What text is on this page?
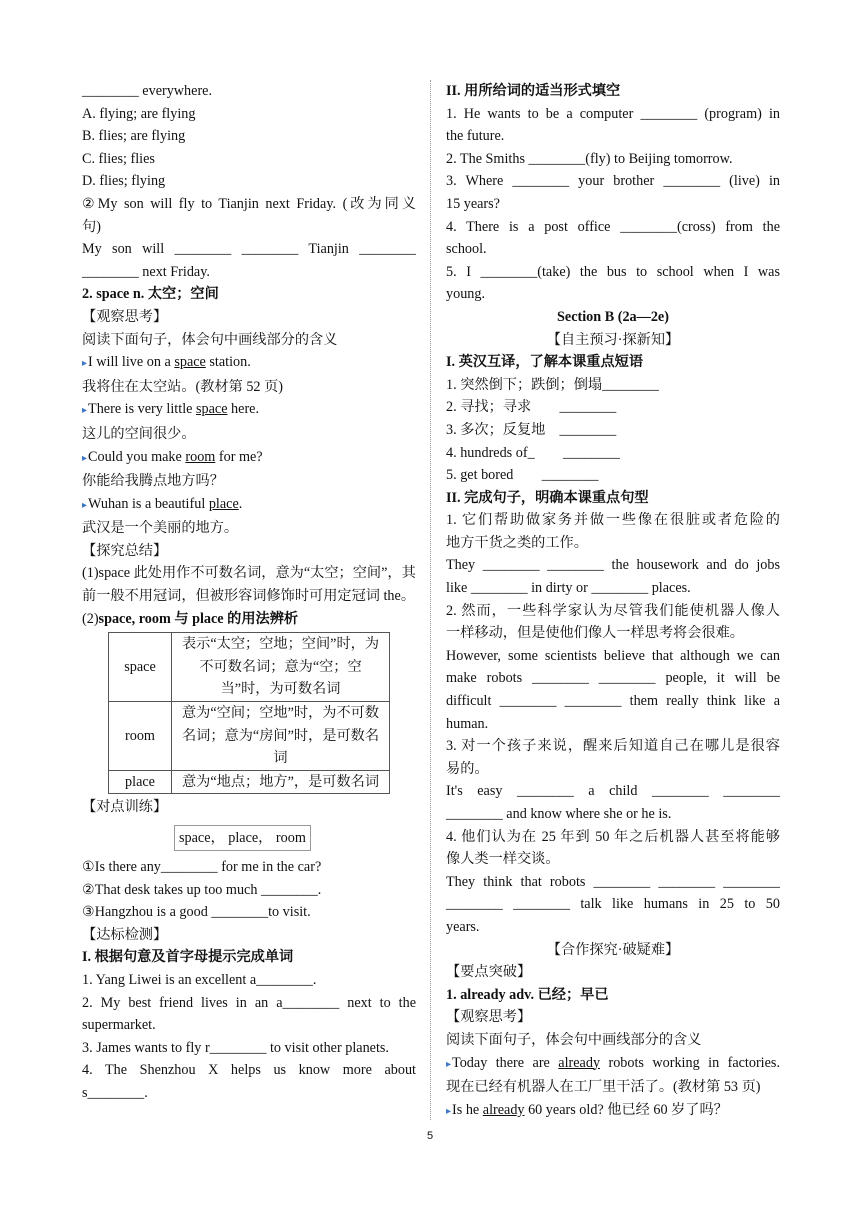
________ everywhere.
A. flying; are flying
B. flies; are flying
C. flies; flies
D. flies; flying
②My son will fly to Tianjin next Friday. (改为同义
句)
My son will ________ ________ Tianjin ________
________ next Friday.
2. space n. 太空；空间
【观察思考】
阅读下面句子，体会句中画线部分的含义
▸I will live on a space station.
我将住在太空站。(教材第 52 页)
▸There is very little space here.
这儿的空间很少。
▸Could you make room for me?
你能给我腾点地方吗？
▸Wuhan is a beautiful place.
武汉是一个美丽的地方。
【探究总结】
(1)space 此处用作不可数名词，意为“太空；空间”，其前一般不用冠词，但被形容词修饰时可用定冠词 the。
(2)space, room 与 place 的用法辨析
space	表示“太空；空地；空间”时，为不可数名词；意为“空；空当”时，为可数名词
room	意为“空间；空地”时，为不可数名词；意为“房间”时，是可数名词
place	意为“地点；地方”，是可数名词
【对点训练】
space， place， room
①Is there any________ for me in the car?
②That desk takes up too much ________.
③Hangzhou is a good ________to visit.
【达标检测】
I. 根据句意及首字母提示完成单词
1. Yang Liwei is an excellent a________.
2. My best friend lives in an a________ next to the
supermarket.
3. James wants to fly r________ to visit other planets.
4. The Shenzhou X helps us know more about
s________.
II. 用所给词的适当形式填空
1. He wants to be a computer ________ (program) in
the future.
2. The Smiths ________(fly) to Beijing tomorrow.
3. Where ________ your brother ________ (live) in
15 years?
4. There is a post office ________(cross) from the
school.
5. I ________(take) the bus to school when I was
young.
Section B (2a—2e)
【自主预习·探新知】
I. 英汉互译，了解本课重点短语
1. 突然倒下；跌倒；倒塌________
2. 寻找；寻求　　________
3. 多次；反复地　________
4. hundreds of_　　________
5. get bored　　________
II. 完成句子，明确本课重点句型
1. 它们帮助做家务并做一些像在很脏或者危险的
地方干货之类的工作。
They ________ ________ the housework and do jobs
like ________ in dirty or ________ places.
2. 然而，一些科学家认为尽管我们能使机器人像人
一样移动，但是使他们像人一样思考将会很难。
However, some scientists believe that although we can
make robots ________ ________ people, it will be
difficult ________ ________ them really think like a
human.
3. 对一个孩子来说，醒来后知道自己在哪儿是很容
易的。
It's easy ________ a child ________ ________
________ and know where she or he is.
4. 他们认为在 25 年到 50 年之后机器人甚至将能够
像人类一样交谈。
They think that robots ________ ________ ________
________ ________ talk like humans in 25 to 50
years.
【合作探究·破疑难】
【要点突破】
1. already adv. 已经；早已
【观察思考】
阅读下面句子，体会句中画线部分的含义
▸Today there are already robots working in factories.
现在已经有机器人在工厂里干活了。(教材第 53 页)
▸Is he already 60 years old? 他已经 60 岁了吗？
5
